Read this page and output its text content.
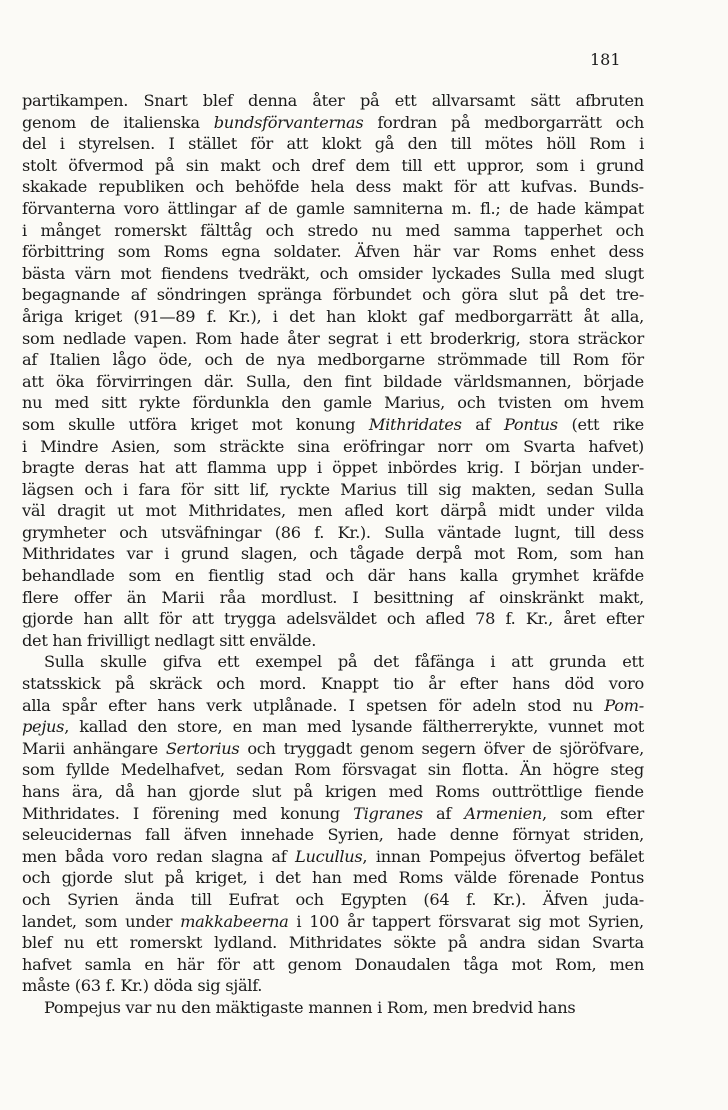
181
partikampen. Snart blef denna åter på ett allvarsamt sätt afbruten
genom de italienska bundsförvanternas fordran på medborgarrätt och
del i styrelsen. I stället för att klokt gå den till mötes höll Rom i
stolt öfvermod på sin makt och dref dem till ett uppror, som i grund
skakade republiken och behöfde hela dess makt för att kufvas. Bunds-
förvanterna voro ättlingar af de gamle samniterna m. fl.; de hade kämpat
i månget romerskt fälttåg och stredo nu med samma tapperhet och
förbittring som Roms egna soldater. Äfven här var Roms enhet dess
bästa värn mot fiendens tvedräkt, och omsider lyckades Sulla med slugt
begagnande af söndringen spränga förbundet och göra slut på det tre-
åriga kriget (91—89 f. Kr.), i det han klokt gaf medborgarrätt åt alla,
som nedlade vapen. Rom hade åter segrat i ett broderkrig, stora sträckor
af Italien lågo öde, och de nya medborgarne strömmade till Rom för
att öka förvirringen där. Sulla, den fint bildade världsmannen, började
nu med sitt rykte fördunkla den gamle Marius, och tvisten om hvem
som skulle utföra kriget mot konung Mithridates af Pontus (ett rike
i Mindre Asien, som sträckte sina eröfringar norr om Svarta hafvet)
bragte deras hat att flamma upp i öppet inbördes krig. I början under-
lägsen och i fara för sitt lif, ryckte Marius till sig makten, sedan Sulla
väl dragit ut mot Mithridates, men afled kort därpå midt under vilda
grymheter och utsväfningar (86 f. Kr.). Sulla väntade lugnt, till dess
Mithridates var i grund slagen, och tågade derpå mot Rom, som han
behandlade som en fientlig stad och där hans kalla grymhet kräfde
flere offer än Marii råa mordlust. I besittning af oinskränkt makt,
gjorde han allt för att trygga adelsväldet och afled 78 f. Kr., året efter
det han frivilligt nedlagt sitt envälde.
Sulla skulle gifva ett exempel på det fåfänga i att grunda ett
statsskick på skräck och mord. Knappt tio år efter hans död voro
alla spår efter hans verk utplånade. I spetsen för adeln stod nu Pom-
pejus, kallad den store, en man med lysande fältherrerykte, vunnet mot
Marii anhängare Sertorius och tryggadt genom segern öfver de sjöröfvare,
som fyllde Medelhafvet, sedan Rom försvagat sin flotta. Än högre steg
hans ära, då han gjorde slut på krigen med Roms outtröttlige fiende
Mithridates. I förening med konung Tigranes af Armenien, som efter
seleucidernas fall äfven innehade Syrien, hade denne förnyat striden,
men båda voro redan slagna af Lucullus, innan Pompejus öfvertog befälet
och gjorde slut på kriget, i det han med Roms välde förenade Pontus
och Syrien ända till Eufrat och Egypten (64 f. Kr.). Äfven juda-
landet, som under makkabeerna i 100 år tappert försvarat sig mot Syrien,
blef nu ett romerskt lydland. Mithridates sökte på andra sidan Svarta
hafvet samla en här för att genom Donaudalen tåga mot Rom, men
måste (63 f. Kr.) döda sig själf.
Pompejus var nu den mäktigaste mannen i Rom, men bredvid hans
